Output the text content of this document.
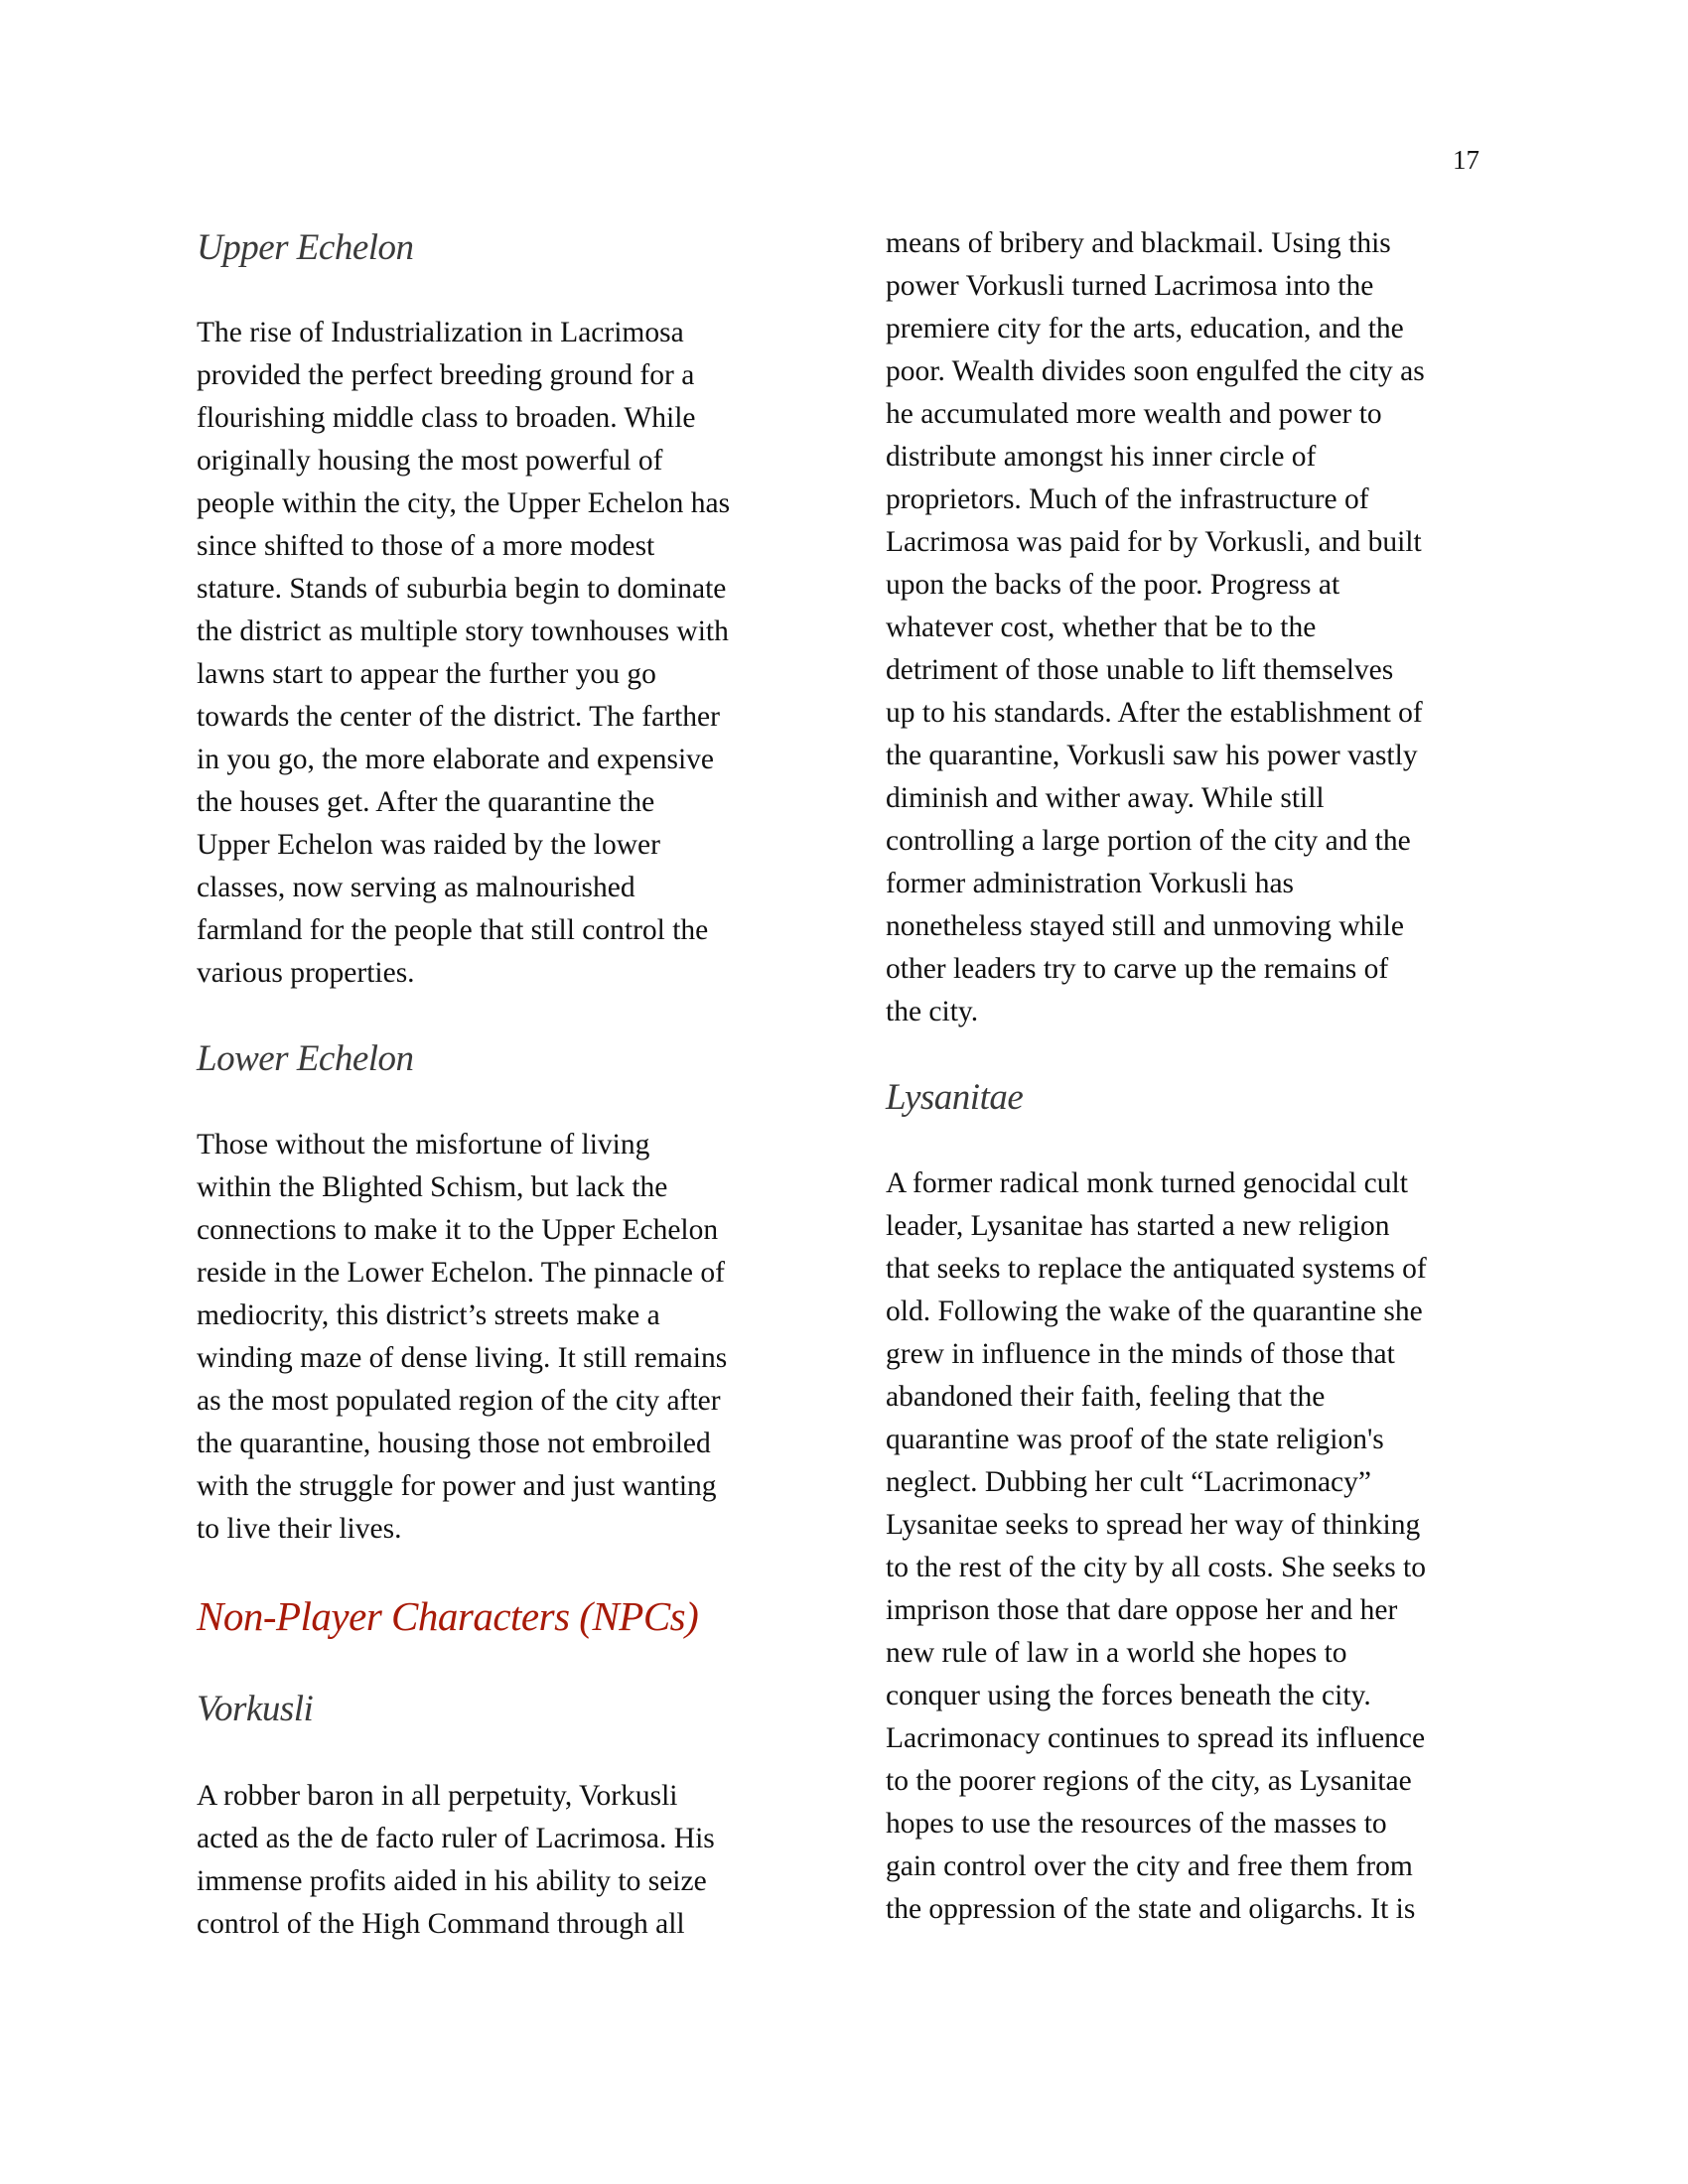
17
Upper Echelon
The rise of Industrialization in Lacrimosa
provided the perfect breeding ground for a
flourishing middle class to broaden. While
originally housing the most powerful of
people within the city, the Upper Echelon has
since shifted to those of a more modest
stature. Stands of suburbia begin to dominate
the district as multiple story townhouses with
lawns start to appear the further you go
towards the center of the district. The farther
in you go, the more elaborate and expensive
the houses get. After the quarantine the
Upper Echelon was raided by the lower
classes, now serving as malnourished
farmland for the people that still control the
various properties.
Lower Echelon
Those without the misfortune of living
within the Blighted Schism, but lack the
connections to make it to the Upper Echelon
reside in the Lower Echelon. The pinnacle of
mediocrity, this district’s streets make a
winding maze of dense living. It still remains
as the most populated region of the city after
the quarantine, housing those not embroiled
with the struggle for power and just wanting
to live their lives.
Non-Player Characters (NPCs)
Vorkusli
A robber baron in all perpetuity, Vorkusli
acted as the de facto ruler of Lacrimosa. His
immense profits aided in his ability to seize
control of the High Command through all
means of bribery and blackmail. Using this
power Vorkusli turned Lacrimosa into the
premiere city for the arts, education, and the
poor. Wealth divides soon engulfed the city as
he accumulated more wealth and power to
distribute amongst his inner circle of
proprietors. Much of the infrastructure of
Lacrimosa was paid for by Vorkusli, and built
upon the backs of the poor. Progress at
whatever cost, whether that be to the
detriment of those unable to lift themselves
up to his standards. After the establishment of
the quarantine, Vorkusli saw his power vastly
diminish and wither away. While still
controlling a large portion of the city and the
former administration Vorkusli has
nonetheless stayed still and unmoving while
other leaders try to carve up the remains of
the city.
Lysanitae
A former radical monk turned genocidal cult
leader, Lysanitae has started a new religion
that seeks to replace the antiquated systems of
old. Following the wake of the quarantine she
grew in influence in the minds of those that
abandoned their faith, feeling that the
quarantine was proof of the state religion's
neglect. Dubbing her cult “Lacrimonacy”
Lysanitae seeks to spread her way of thinking
to the rest of the city by all costs. She seeks to
imprison those that dare oppose her and her
new rule of law in a world she hopes to
conquer using the forces beneath the city.
Lacrimonacy continues to spread its influence
to the poorer regions of the city, as Lysanitae
hopes to use the resources of the masses to
gain control over the city and free them from
the oppression of the state and oligarchs. It is
